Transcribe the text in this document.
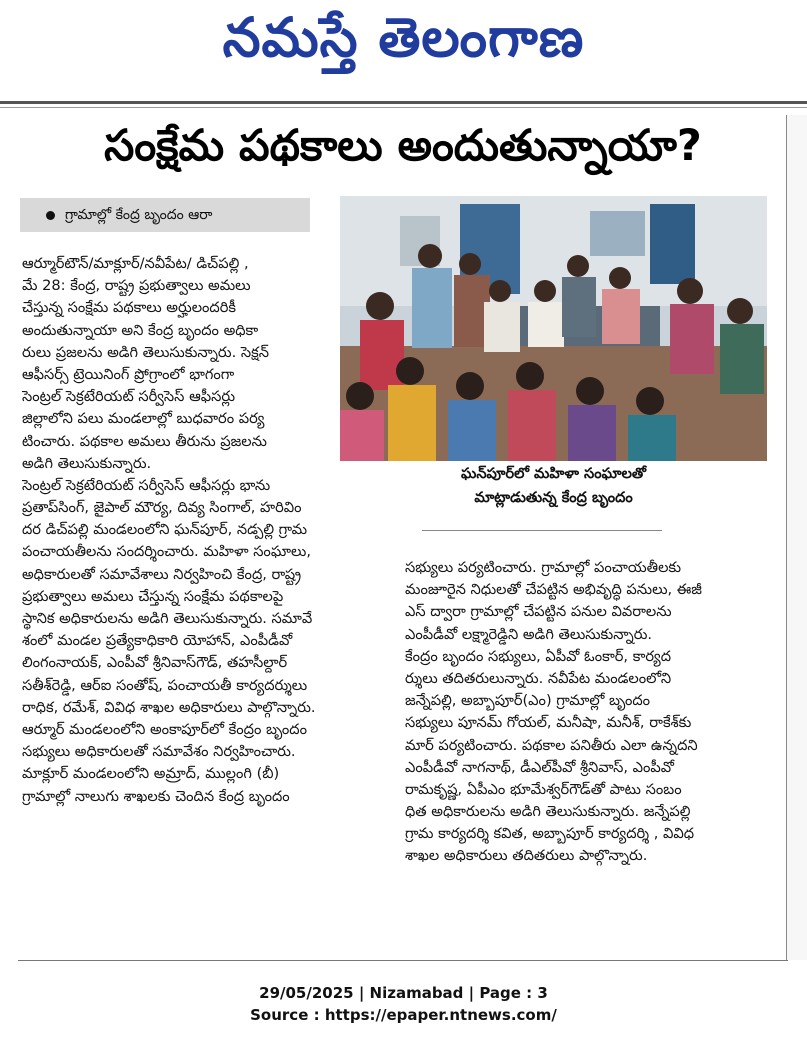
నమస్తే తెలంగాణ
సంక్షేమ పథకాలు అందుతున్నాయా?
గ్రామాల్లో కేంద్ర బృందం ఆరా
ఘన్‌పూర్‌లో మహిళా సంఘాలతో
మాట్లాడుతున్న కేంద్ర బృందం
ఆర్మూర్‌టౌన్/మాక్లూర్/నవీపేట/ డిచ్‌పల్లి ,
మే 28: కేంద్ర, రాష్ట్ర ప్రభుత్వాలు అమలు
చేస్తున్న సంక్షేమ పథకాలు అర్హులందరికీ
అందుతున్నాయా అని కేంద్ర బృందం అధికా
రులు ప్రజలను అడిగి తెలుసుకున్నారు. సెక్షన్
ఆఫీసర్స్ ట్రెయినింగ్ ప్రోగ్రాంలో భాగంగా
సెంట్రల్ సెక్రటేరియట్ సర్వీసెస్ ఆఫీసర్లు
జిల్లాలోని పలు మండలాల్లో బుధవారం పర్య
టించారు. పథకాల అమలు తీరును ప్రజలను
అడిగి తెలుసుకున్నారు.
సెంట్రల్ సెక్రటేరియట్ సర్వీసెస్ ఆఫీసర్లు భాను
ప్రతాప్‌సింగ్, జైపాల్ మౌర్య, దివ్య సింగాల్, హరివిం
దర డిచ్‌పల్లి మండలంలోని ఘన్‌పూర్, నడ్పల్లి గ్రామ
పంచాయతీలను సందర్శించారు. మహిళా సంఘాలు,
అధికారులతో సమావేశాలు నిర్వహించి కేంద్ర, రాష్ట్ర
ప్రభుత్వాలు అమలు చేస్తున్న సంక్షేమ పథకాలపై
స్థానిక అధికారులను అడిగి తెలుసుకున్నారు. సమావే
శంలో మండల ప్రత్యేకాధికారి యోహాన్, ఎంపీడీవో
లింగంనాయక్, ఎంపీవో శ్రీనివాస్‌గౌడ్, తహసీల్దార్
సతీశ్‌రెడ్డి, ఆర్ఐ సంతోష్, పంచాయతీ కార్యదర్శులు
రాధిక, రమేశ్, వివిధ శాఖల అధికారులు పాల్గొన్నారు.
ఆర్మూర్ మండలంలోని అంకాపూర్‌లో కేంద్రం బృందం
సభ్యులు అధికారులతో సమావేశం నిర్వహించారు.
మాక్లూర్ మండలంలోని అమ్రాద్, ముల్లంగి (బీ)
గ్రామాల్లో నాలుగు శాఖలకు చెందిన కేంద్ర బృందం
సభ్యులు పర్యటించారు. గ్రామాల్లో పంచాయతీలకు
మంజూరైన నిధులతో చేపట్టిన అభివృద్ధి పనులు, ఈజీ
ఎస్ ద్వారా గ్రామాల్లో చేపట్టిన పనుల వివరాలను
ఎంపీడీవో లక్ష్మారెడ్డిని అడిగి తెలుసుకున్నారు.
కేంద్రం బృందం సభ్యులు, ఏపీవో ఓంకార్, కార్యద
ర్శులు తదితరులున్నారు. నవీపేట మండలంలోని
జన్నేపల్లి, అబ్బాపూర్(ఎం) గ్రామాల్లో బృందం
సభ్యులు పూనమ్ గోయల్, మనీషా, మనీశ్, రాకేశ్‌కు
మార్ పర్యటించారు. పథకాల పనితీరు ఎలా ఉన్నదని
ఎంపీడీవో నాగనాథ్, డీఎల్‌పీవో శ్రీనివాస్, ఎంపీవో
రామకృష్ణ, ఏపీఎం భూమేశ్వర్‌గౌడ్‌తో పాటు సంబం
ధిత అధికారులను అడిగి తెలుసుకున్నారు. జన్నేపల్లి
గ్రామ కార్యదర్శి కవిత, అబ్బాపూర్ కార్యదర్శి , వివిధ
శాఖల అధికారులు తదితరులు పాల్గొన్నారు.
29/05/2025 | Nizamabad | Page : 3
Source : https://epaper.ntnews.com/
